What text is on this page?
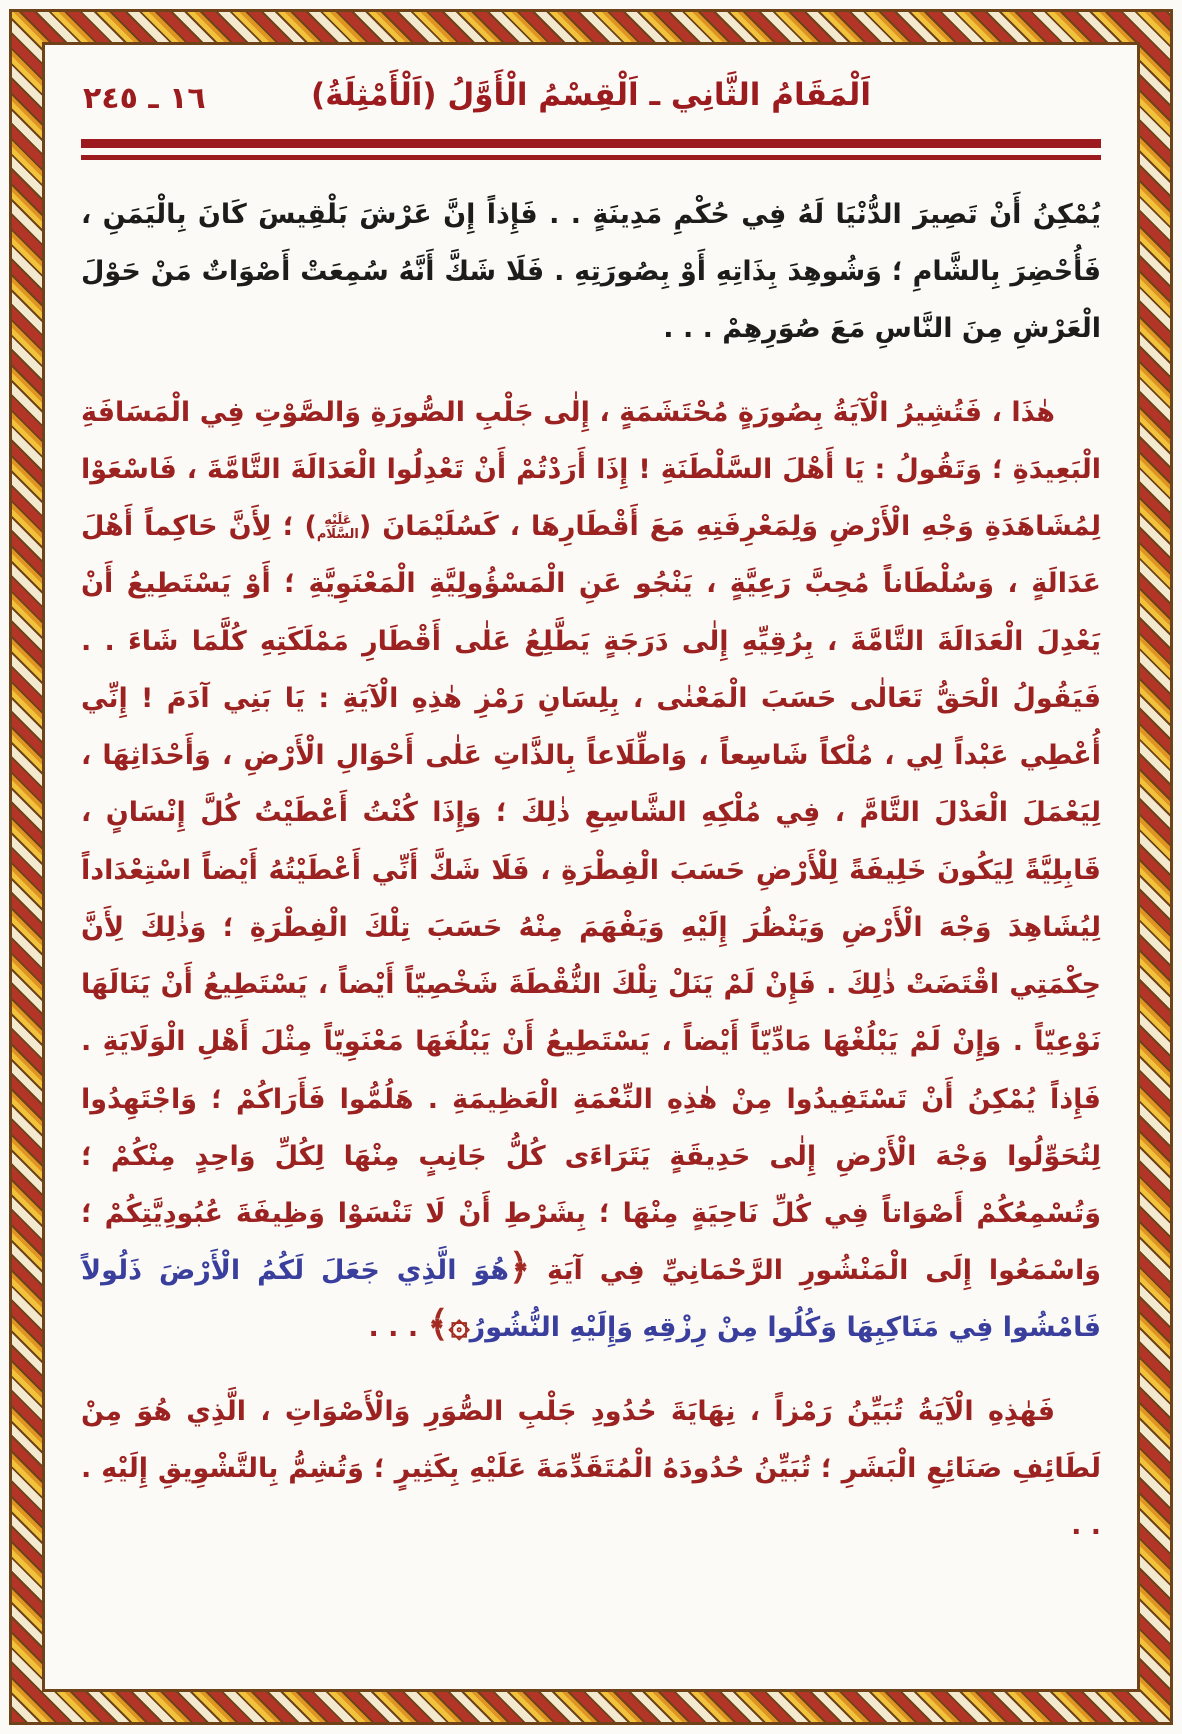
١٦ ـ ٢٤٥	اَلْمَقَامُ الثَّانِي ـ اَلْقِسْمُ الْأَوَّلُ (اَلْأَمْثِلَةُ)

يُمْكِنُ أَنْ تَصِيرَ الدُّنْيَا لَهُ فِي حُكْمِ مَدِينَةٍ . . فَإِذاً إِنَّ عَرْشَ بَلْقِيسَ كَانَ بِالْيَمَنِ ، فَأُحْضِرَ بِالشَّامِ ؛ وَشُوهِدَ بِذَاتِهِ أَوْ بِصُورَتِهِ . فَلَا شَكَّ أَنَّهُ سُمِعَتْ أَصْوَاتٌ مَنْ حَوْلَ الْعَرْشِ مِنَ النَّاسِ مَعَ صُوَرِهِمْ . . .

هٰذَا ، فَتُشِيرُ الْآيَةُ بِصُورَةٍ مُحْتَشَمَةٍ ، إِلٰى جَلْبِ الصُّورَةِ وَالصَّوْتِ فِي الْمَسَافَةِ الْبَعِيدَةِ ؛ وَتَقُولُ : يَا أَهْلَ السَّلْطَنَةِ ! إِذَا أَرَدْتُمْ أَنْ تَعْدِلُوا الْعَدَالَةَ التَّامَّةَ ، فَاسْعَوْا لِمُشَاهَدَةِ وَجْهِ الْأَرْضِ وَلِمَعْرِفَتِهِ مَعَ أَقْطَارِهَا ، كَسُلَيْمَانَ (عَلَيْهِ السَّلَام) ؛ لِأَنَّ حَاكِماً أَهْلَ عَدَالَةٍ ، وَسُلْطَاناً مُحِبَّ رَعِيَّةٍ ، يَنْجُو عَنِ الْمَسْؤُولِيَّةِ الْمَعْنَوِيَّةِ ؛ أَوْ يَسْتَطِيعُ أَنْ يَعْدِلَ الْعَدَالَةَ التَّامَّةَ ، بِرُقِيِّهِ إِلٰى دَرَجَةٍ يَطَّلِعُ عَلٰى أَقْطَارِ مَمْلَكَتِهِ كُلَّمَا شَاءَ . . فَيَقُولُ الْحَقُّ تَعَالٰى حَسَبَ الْمَعْنٰى ، بِلِسَانِ رَمْزِ هٰذِهِ الْآيَةِ : يَا بَنِي آدَمَ ! إِنِّي أُعْطِي عَبْداً لِي ، مُلْكاً شَاسِعاً ، وَاطِّلَاعاً بِالذَّاتِ عَلٰى أَحْوَالِ الْأَرْضِ ، وَأَحْدَاثِهَا ، لِيَعْمَلَ الْعَدْلَ التَّامَّ ، فِي مُلْكِهِ الشَّاسِعِ ذٰلِكَ ؛ وَإِذَا كُنْتُ أَعْطَيْتُ كُلَّ إِنْسَانٍ ، قَابِلِيَّةً لِيَكُونَ خَلِيفَةً لِلْأَرْضِ حَسَبَ الْفِطْرَةِ ، فَلَا شَكَّ أَنِّي أَعْطَيْتُهُ أَيْضاً اسْتِعْدَاداً لِيُشَاهِدَ وَجْهَ الْأَرْضِ وَيَنْظُرَ إِلَيْهِ وَيَفْهَمَ مِنْهُ حَسَبَ تِلْكَ الْفِطْرَةِ ؛ وَذٰلِكَ لِأَنَّ حِكْمَتِي اقْتَضَتْ ذٰلِكَ . فَإِنْ لَمْ يَنَلْ تِلْكَ النُّقْطَةَ شَخْصِيّاً أَيْضاً ، يَسْتَطِيعُ أَنْ يَنَالَهَا نَوْعِيّاً . وَإِنْ لَمْ يَبْلُغْهَا مَادِّيّاً أَيْضاً ، يَسْتَطِيعُ أَنْ يَبْلُغَهَا مَعْنَوِيّاً مِثْلَ أَهْلِ الْوَلَايَةِ . فَإِذاً يُمْكِنُ أَنْ تَسْتَفِيدُوا مِنْ هٰذِهِ النِّعْمَةِ الْعَظِيمَةِ . هَلُمُّوا فَأَرَاكُمْ ؛ وَاجْتَهِدُوا لِتُحَوِّلُوا وَجْهَ الْأَرْضِ إِلٰى حَدِيقَةٍ يَتَرَاءَى كُلُّ جَانِبٍ مِنْهَا لِكُلِّ وَاحِدٍ مِنْكُمْ ؛ وَتُسْمِعُكُمْ أَصْوَاتاً فِي كُلِّ نَاحِيَةٍ مِنْهَا ؛ بِشَرْطِ أَنْ لَا تَنْسَوْا وَظِيفَةَ عُبُودِيَّتِكُمْ ؛ وَاسْمَعُوا إِلَى الْمَنْشُورِ الرَّحْمَانِيِّ فِي آيَةِ ﴿هُوَ الَّذِي جَعَلَ لَكُمُ الْأَرْضَ ذَلُولاً فَامْشُوا فِي مَنَاكِبِهَا وَكُلُوا مِنْ رِزْقِهِ وَإِلَيْهِ النُّشُورُ۞﴾ . . .

فَهٰذِهِ الْآيَةُ تُبَيِّنُ رَمْزاً ، نِهَايَةَ حُدُودِ جَلْبِ الصُّوَرِ وَالْأَصْوَاتِ ، الَّذِي هُوَ مِنْ لَطَائِفِ صَنَائِعِ الْبَشَرِ ؛ تُبَيِّنُ حُدُودَهُ الْمُتَقَدِّمَةَ عَلَيْهِ بِكَثِيرٍ ؛ وَتُشِمُّ بِالتَّشْوِيقِ إِلَيْهِ . . .
